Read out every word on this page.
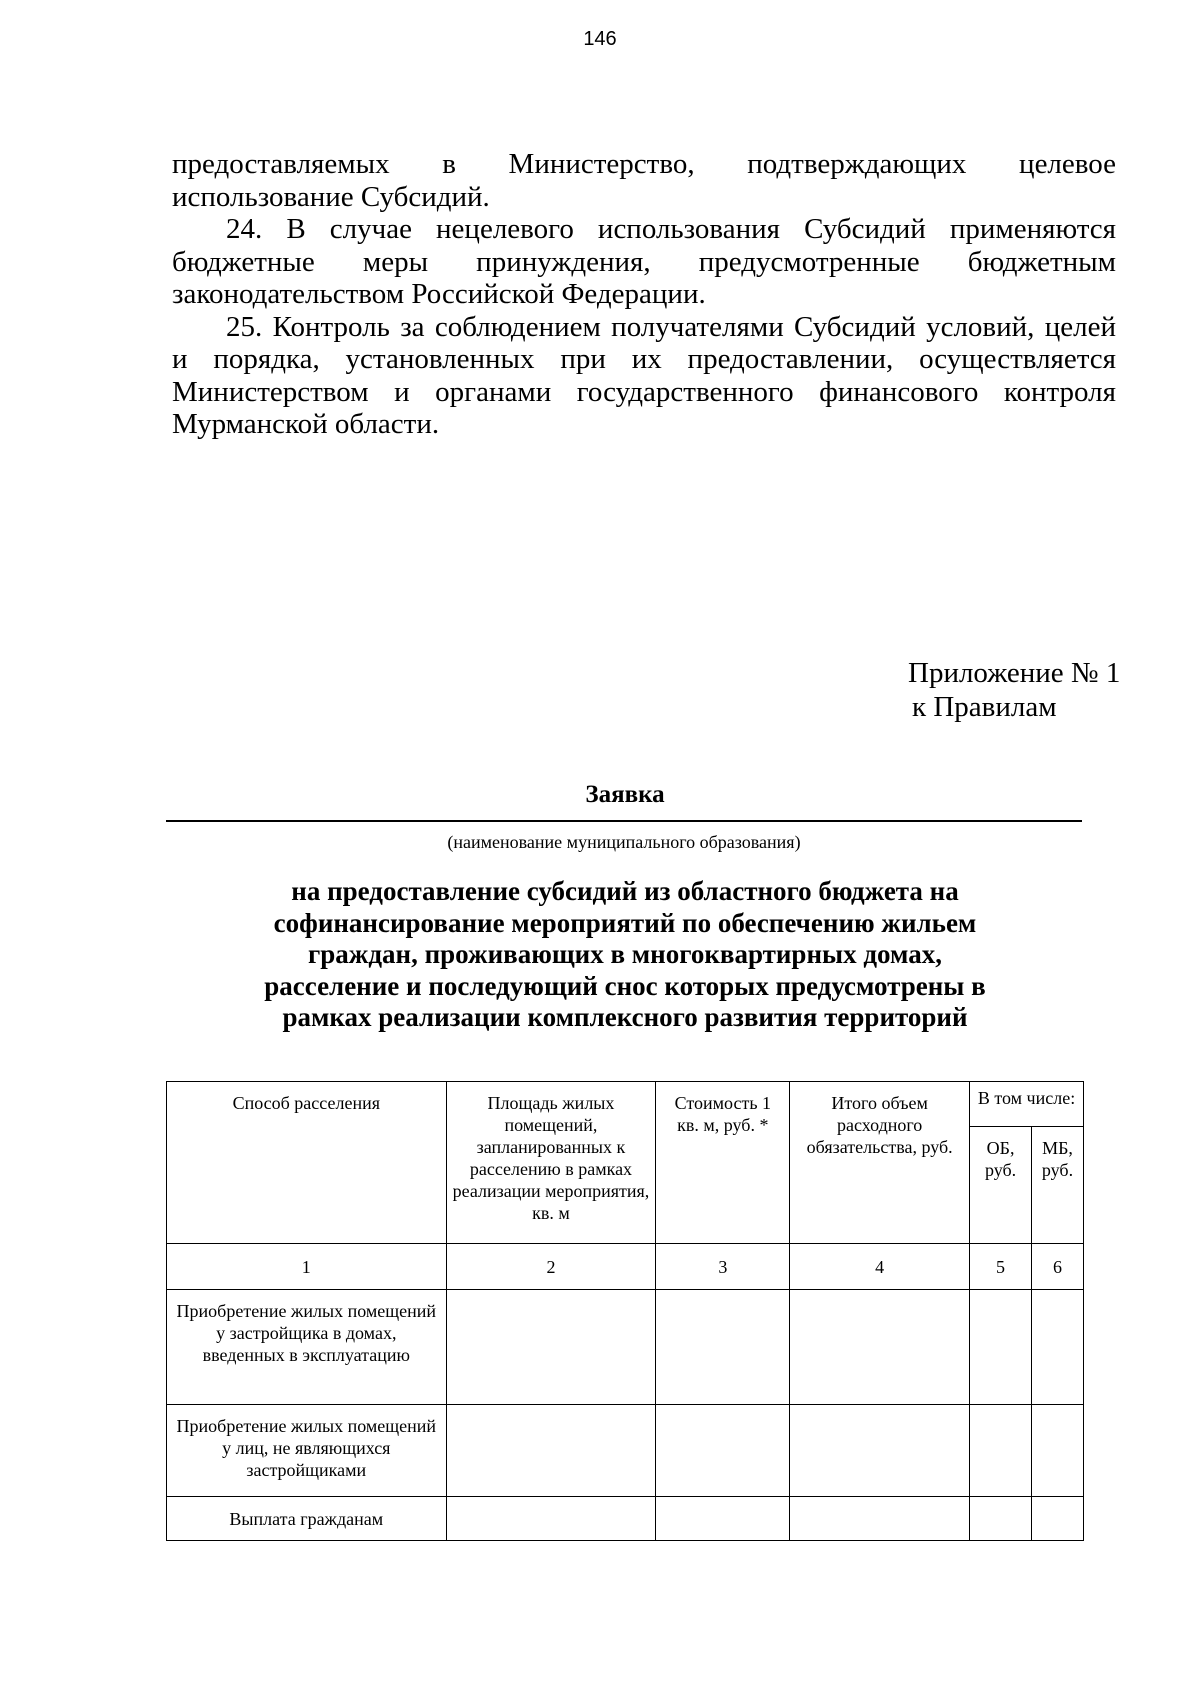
146

предоставляемых в Министерство, подтверждающих целевое использование Субсидий.

24. В случае нецелевого использования Субсидий применяются бюджетные меры принуждения, предусмотренные бюджетным законодательством Российской Федерации.

25. Контроль за соблюдением получателями Субсидий условий, целей и порядка, установленных при их предоставлении, осуществляется Министерством и органами государственного финансового контроля Мурманской области.

Приложение № 1
к Правилам
Заявка
(наименование муниципального образования)
на предоставление субсидий из областного бюджета на софинансирование мероприятий по обеспечению жильем граждан, проживающих в многоквартирных домах, расселение и последующий снос которых предусмотрены в рамках реализации комплексного развития территорий
Способ расселения	Площадь жилых помещений, запланированных к расселению в рамках реализации мероприятия, кв. м	Стоимость 1 кв. м, руб. *	Итого объем расходного обязательства, руб.	В том числе:	
				ОБ, руб.	МБ, руб.
1	2	3	4	5	6
Приобретение жилых помещений у застройщика в домах, введенных в эксплуатацию					
Приобретение жилых помещений у лиц, не являющихся застройщиками					
Выплата гражданам					
